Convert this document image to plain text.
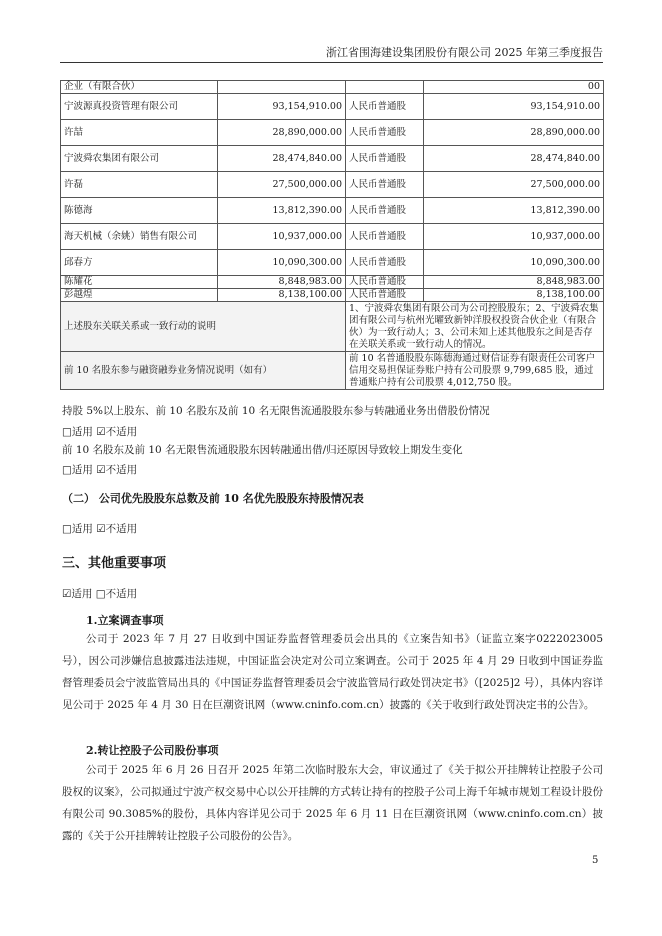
浙江省围海建设集团股份有限公司 2025 年第三季度报告
企业（有限合伙）			00
宁波源真投资管理有限公司	93,154,910.00	人民币普通股	93,154,910.00
许喆	28,890,000.00	人民币普通股	28,890,000.00
宁波舜农集团有限公司	28,474,840.00	人民币普通股	28,474,840.00
许磊	27,500,000.00	人民币普通股	27,500,000.00
陈德海	13,812,390.00	人民币普通股	13,812,390.00
海天机械（余姚）销售有限公司	10,937,000.00	人民币普通股	10,937,000.00
邱春方	10,090,300.00	人民币普通股	10,090,300.00
陈耀花	8,848,983.00	人民币普通股	8,848,983.00
彭越煌	8,138,100.00	人民币普通股	8,138,100.00
上述股东关联关系或一致行动的说明		1、宁波舜农集团有限公司为公司控股股东；2、宁波舜农集团有限公司与杭州光曜致新钟洋股权投资合伙企业（有限合伙）为一致行动人；3、公司未知上述其他股东之间是否存在关联关系或一致行动人的情况。	
前 10 名股东参与融资融券业务情况说明（如有）		前 10 名普通股股东陈德海通过财信证券有限责任公司客户信用交易担保证券账户持有公司股票 9,799,685 股，通过普通账户持有公司股票 4,012,750 股。	
持股 5%以上股东、前 10 名股东及前 10 名无限售流通股股东参与转融通业务出借股份情况
□适用 ☑不适用
前 10 名股东及前 10 名无限售流通股股东因转融通出借/归还原因导致较上期发生变化
□适用 ☑不适用
（二） 公司优先股股东总数及前 10 名优先股股东持股情况表
□适用 ☑不适用
三、其他重要事项
☑适用 □不适用
1.立案调查事项
公司于 2023 年 7 月 27 日收到中国证券监督管理委员会出具的《立案告知书》（证监立案字0222023005 号），因公司涉嫌信息披露违法违规，中国证监会决定对公司立案调查。公司于 2025 年 4 月 29 日收到中国证券监督管理委员会宁波监管局出具的《中国证券监督管理委员会宁波监管局行政处罚决定书》（[2025]2 号），具体内容详见公司于 2025 年 4 月 30 日在巨潮资讯网（www.cninfo.com.cn）披露的《关于收到行政处罚决定书的公告》。
2.转让控股子公司股份事项
公司于 2025 年 6 月 26 日召开 2025 年第二次临时股东大会，审议通过了《关于拟公开挂牌转让控股子公司股权的议案》，公司拟通过宁波产权交易中心以公开挂牌的方式转让持有的控股子公司上海千年城市规划工程设计股份有限公司 90.3085%的股份，具体内容详见公司于 2025 年 6 月 11 日在巨潮资讯网（www.cninfo.com.cn）披露的《关于公开挂牌转让控股子公司股份的公告》。
5
